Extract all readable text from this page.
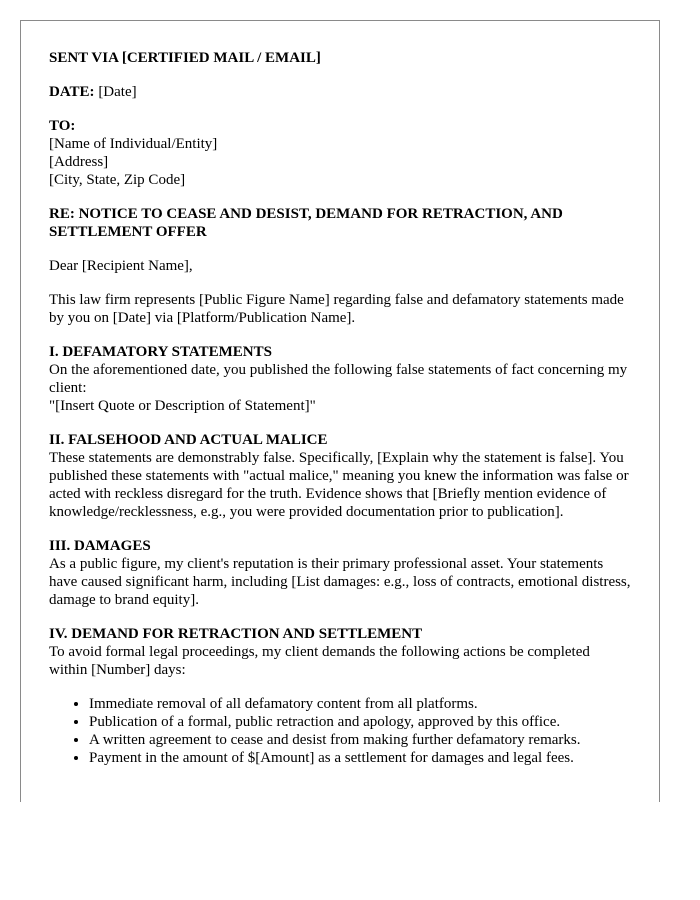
SENT VIA [CERTIFIED MAIL / EMAIL]

DATE: [Date]

TO:
[Name of Individual/Entity]
[Address]
[City, State, Zip Code]

RE: NOTICE TO CEASE AND DESIST, DEMAND FOR RETRACTION, AND SETTLEMENT OFFER

Dear [Recipient Name],

This law firm represents [Public Figure Name] regarding false and defamatory statements made by you on [Date] via [Platform/Publication Name].

I. DEFAMATORY STATEMENTS
On the aforementioned date, you published the following false statements of fact concerning my client:
"[Insert Quote or Description of Statement]"

II. FALSEHOOD AND ACTUAL MALICE
These statements are demonstrably false. Specifically, [Explain why the statement is false]. You published these statements with "actual malice," meaning you knew the information was false or acted with reckless disregard for the truth. Evidence shows that [Briefly mention evidence of knowledge/recklessness, e.g., you were provided documentation prior to publication].

III. DAMAGES
As a public figure, my client's reputation is their primary professional asset. Your statements have caused significant harm, including [List damages: e.g., loss of contracts, emotional distress, damage to brand equity].

IV. DEMAND FOR RETRACTION AND SETTLEMENT
To avoid formal legal proceedings, my client demands the following actions be completed within [Number] days:

• Immediate removal of all defamatory content from all platforms.
• Publication of a formal, public retraction and apology, approved by this office.
• A written agreement to cease and desist from making further defamatory remarks.
• Payment in the amount of $[Amount] as a settlement for damages and legal fees.
